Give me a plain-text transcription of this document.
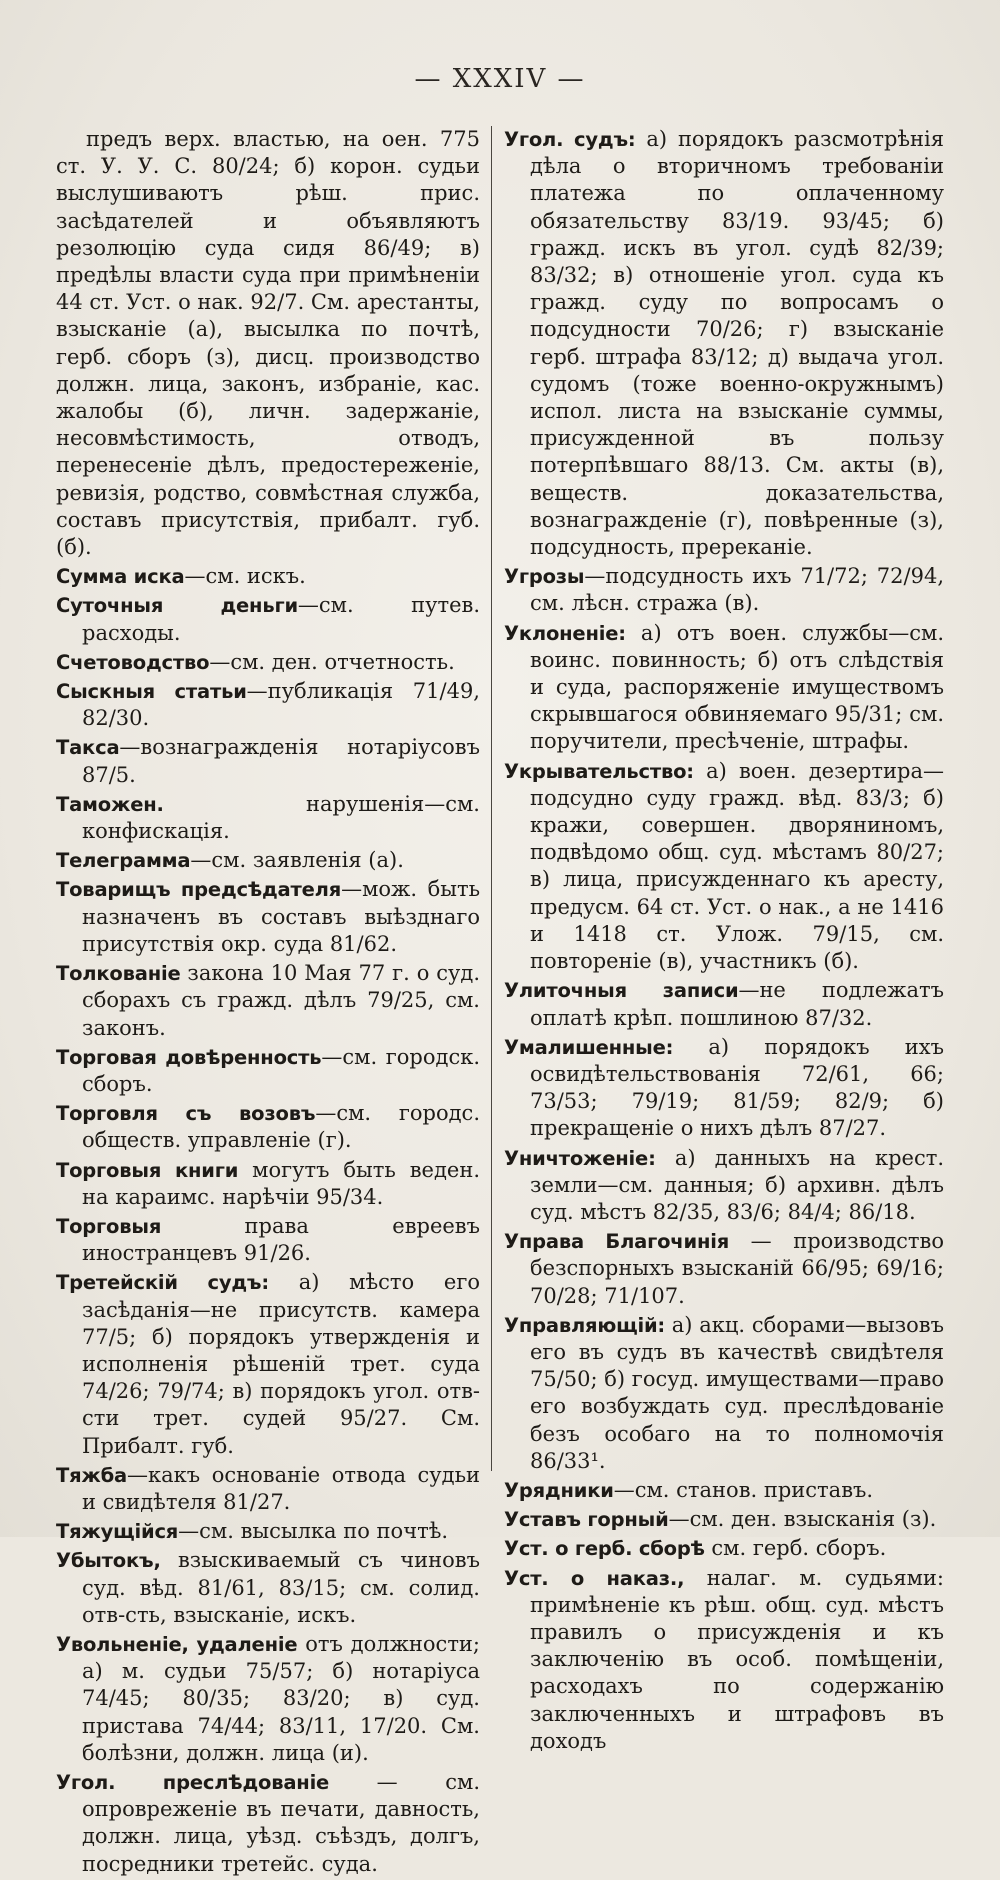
— XXXIV —

предъ верх. властью, на оен. 775 ст. У. У. С. 80/24; б) корон. судьи выслушиваютъ рѣш. прис. засѣдателей и объявляютъ резолюцію суда сидя 86/49; в) предѣлы власти суда при примѣненіи 44 ст. Уст. о нак. 92/7. См. арестанты, взысканіе (а), высылка по почтѣ, герб. сборъ (з), дисц. производство должн. лица, законъ, избраніе, кас. жалобы (б), личн. задержаніе, несовмѣстимость, отводъ, перенесеніе дѣлъ, предостереженіе, ревизія, родство, совмѣстная служба, составъ присутствія, прибалт. губ. (б).

Сумма иска—см. искъ.

Суточныя деньги—см. путев. расходы.

Счетоводство—см. ден. отчетность.

Сыскныя статьи—публикація 71/49, 82/30.

Такса—вознагражденія нотаріусовъ 87/5.

Таможен. нарушенія—см. конфискація.

Телеграмма—см. заявленія (а).

Товарищъ предсѣдателя—мож. быть назначенъ въ составъ выѣзднаго присутствія окр. суда 81/62.

Толкованіе закона 10 Мая 77 г. о суд. сборахъ съ гражд. дѣлъ 79/25, см. законъ.

Торговая довѣренность—см. городск. сборъ.

Торговля съ возовъ—см. городс. обществ. управленіе (г).

Торговыя книги могутъ быть веден. на караимс. нарѣчіи 95/34.

Торговыя права евреевъ иностранцевъ 91/26.

Третейскій судъ: а) мѣсто его засѣданія—не присутств. камера 77/5; б) порядокъ утвержденія и исполненія рѣшеній трет. суда 74/26; 79/74; в) порядокъ угол. отв-сти трет. судей 95/27. См. Прибалт. губ.

Тяжба—какъ основаніе отвода судьи и свидѣтеля 81/27.

Тяжущійся—см. высылка по почтѣ.

Убытокъ, взыскиваемый съ чиновъ суд. вѣд. 81/61, 83/15; см. солид. отв-сть, взысканіе, искъ.

Увольненіе, удаленіе отъ должности; а) м. судьи 75/57; б) нотаріуса 74/45; 80/35; 83/20; в) суд. пристава 74/44; 83/11, 17/20. См. болѣзни, должн. лица (и).

Угол. преслѣдованіе — см. опровреженіе въ печати, давность, должн. лица, уѣзд. съѣздъ, долгъ, посредники третейс. суда.

Угол. судъ: а) порядокъ разсмотрѣнія дѣла о вторичномъ требованіи платежа по оплаченному обязательству 83/19. 93/45; б) гражд. искъ въ угол. судѣ 82/39; 83/32; в) отношеніе угол. суда къ гражд. суду по вопросамъ о подсудности 70/26; г) взысканіе герб. штрафа 83/12; д) выдача угол. судомъ (тоже военно-окружнымъ) испол. листа на взысканіе суммы, присужденной въ пользу потерпѣвшаго 88/13. См. акты (в), веществ. доказательства, вознагражденіе (г), повѣренные (з), подсудность, пререканіе.

Угрозы—подсудность ихъ 71/72; 72/94, см. лѣсн. стража (в).

Уклоненіе: а) отъ воен. службы—см. воинс. повинность; б) отъ слѣдствія и суда, распоряженіе имуществомъ скрывшагося обвиняемаго 95/31; см. поручители, пресѣченіе, штрафы.

Укрывательство: а) воен. дезертира—подсудно суду гражд. вѣд. 83/3; б) кражи, совершен. дворяниномъ, подвѣдомо общ. суд. мѣстамъ 80/27; в) лица, присужденнаго къ аресту, предусм. 64 ст. Уст. о нак., а не 1416 и 1418 ст. Улож. 79/15, см. повтореніе (в), участникъ (б).

Улиточныя записи—не подлежатъ оплатѣ крѣп. пошлиною 87/32.

Умалишенные: а) порядокъ ихъ освидѣтельствованія 72/61, 66; 73/53; 79/19; 81/59; 82/9; б) прекращеніе о нихъ дѣлъ 87/27.

Уничтоженіе: а) данныхъ на крест. земли—см. данныя; б) архивн. дѣлъ суд. мѣстъ 82/35, 83/6; 84/4; 86/18.

Управа Благочинія — производство безспорныхъ взысканій 66/95; 69/16; 70/28; 71/107.

Управляющій: а) акц. сборами—вызовъ его въ судъ въ качествѣ свидѣтеля 75/50; б) госуд. имуществами—право его возбуждать суд. преслѣдованіе безъ особаго на то полномочія 86/33¹.

Урядники—см. станов. приставъ.

Уставъ горный—см. ден. взысканія (з).

Уст. о герб. сборѣ см. герб. сборъ.

Уст. о наказ., налаг. м. судьями: примѣненіе къ рѣш. общ. суд. мѣстъ правилъ о присужденія и къ заключенію въ особ. помѣщеніи, расходахъ по содержанію заключенныхъ и штрафовъ въ доходъ
